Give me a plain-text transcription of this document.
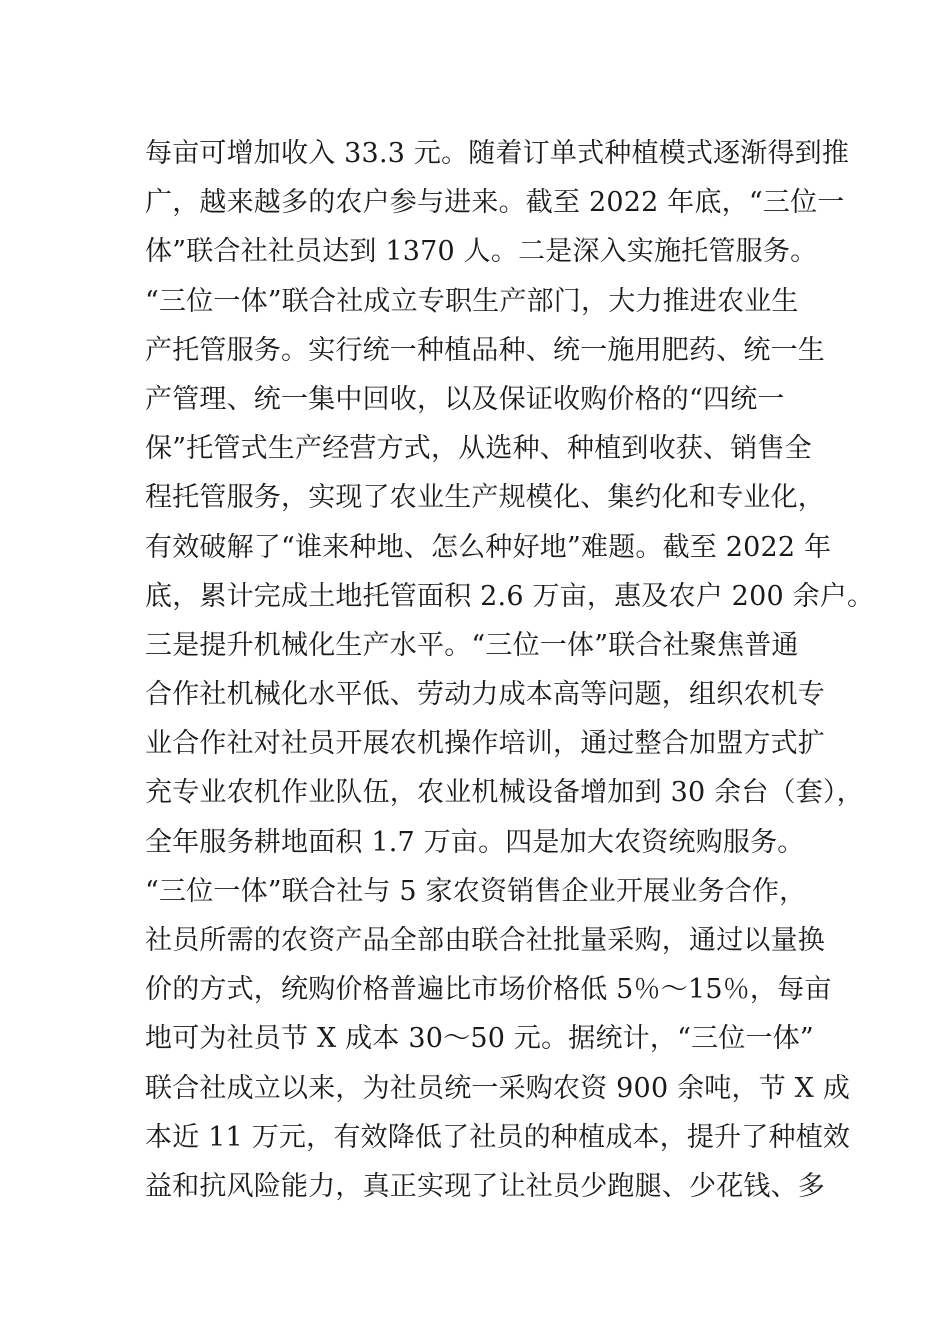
每亩可增加收入 33.3 元。随着订单式种植模式逐渐得到推
广，越来越多的农户参与进来。截至 2022 年底，“三位一
体”联合社社员达到 1370 人。二是深入实施托管服务。
“三位一体”联合社成立专职生产部门，大力推进农业生
产托管服务。实行统一种植品种、统一施用肥药、统一生
产管理、统一集中回收，以及保证收购价格的“四统一
保”托管式生产经营方式，从选种、种植到收获、销售全
程托管服务，实现了农业生产规模化、集约化和专业化，
有效破解了“谁来种地、怎么种好地”难题。截至 2022 年
底，累计完成土地托管面积 2.6 万亩，惠及农户 200 余户。
三是提升机械化生产水平。“三位一体”联合社聚焦普通
合作社机械化水平低、劳动力成本高等问题，组织农机专
业合作社对社员开展农机操作培训，通过整合加盟方式扩
充专业农机作业队伍，农业机械设备增加到 30 余台（套），
全年服务耕地面积 1.7 万亩。四是加大农资统购服务。
“三位一体”联合社与 5 家农资销售企业开展业务合作，
社员所需的农资产品全部由联合社批量采购，通过以量换
价的方式，统购价格普遍比市场价格低 5％～15％，每亩
地可为社员节 X 成本 30～50 元。据统计，“三位一体”
联合社成立以来，为社员统一采购农资 900 余吨，节 X 成
本近 11 万元，有效降低了社员的种植成本，提升了种植效
益和抗风险能力，真正实现了让社员少跑腿、少花钱、多
